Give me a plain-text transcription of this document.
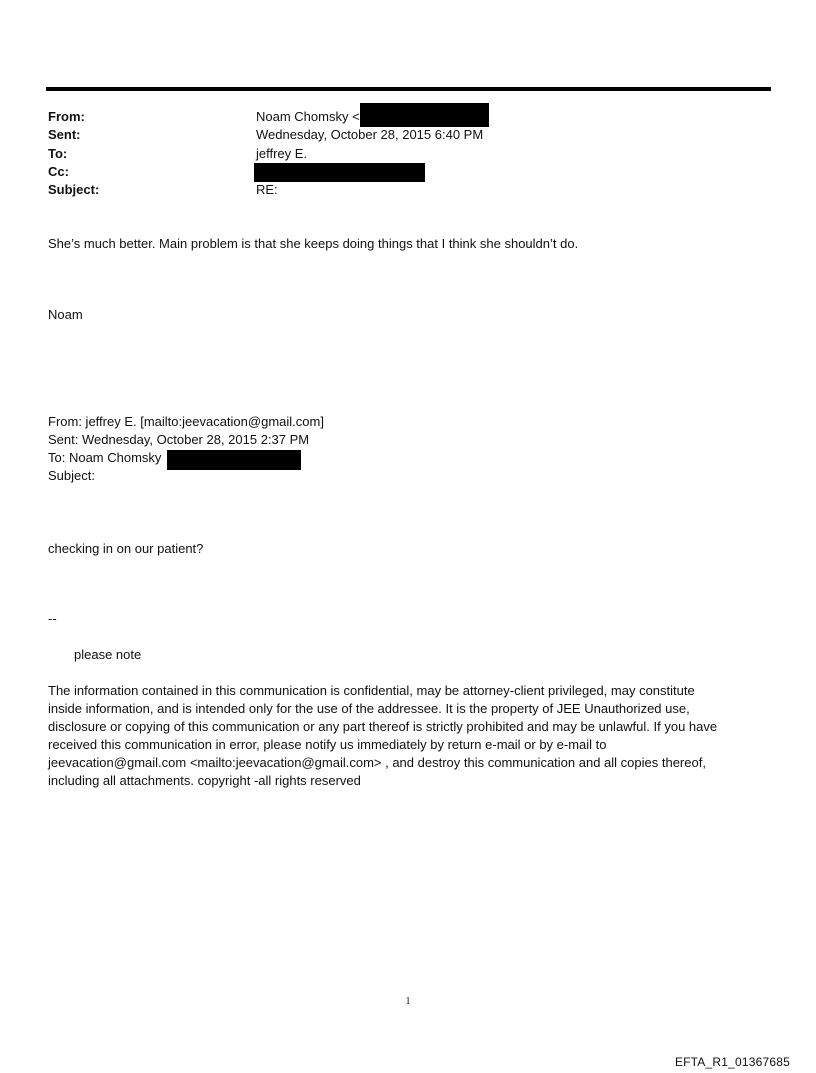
From:	Noam Chomsky <
Sent:	Wednesday, October 28, 2015 6:40 PM
To:	jeffrey E.
Cc:
Subject:	RE:
She’s much better. Main problem is that she keeps doing things that I think she shouldn’t do.
Noam
From: jeffrey E. [mailto:jeevacation@gmail.com]
Sent: Wednesday, October 28, 2015 2:37 PM
To: Noam Chomsky
Subject:
checking in on our patient?
--
please note
The information contained in this communication is confidential, may be attorney-client privileged, may constitute
inside information, and is intended only for the use of the addressee. It is the property of JEE Unauthorized use,
disclosure or copying of this communication or any part thereof is strictly prohibited and may be unlawful. If you have
received this communication in error, please notify us immediately by return e-mail or by e-mail to
jeevacation@gmail.com <mailto:jeevacation@gmail.com> , and destroy this communication and all copies thereof,
including all attachments. copyright -all rights reserved
1
EFTA_R1_01367685
